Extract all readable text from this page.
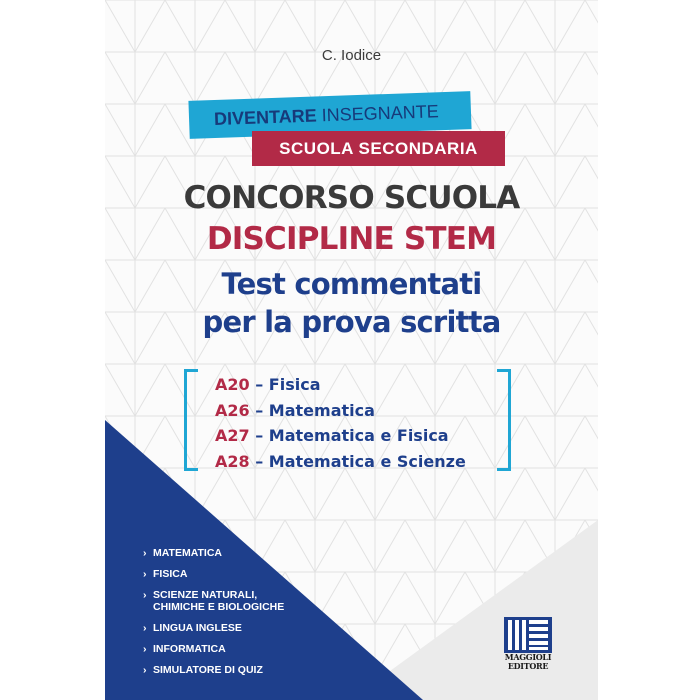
C. Iodice
DIVENTARE INSEGNANTE
SCUOLA SECONDARIA
CONCORSO SCUOLA
DISCIPLINE STEM
Test commentati
per la prova scritta
A20 – Fisica
A26 – Matematica
A27 – Matematica e Fisica
A28 – Matematica e Scienze
› MATEMATICA
› FISICA
› SCIENZE NATURALI,
CHIMICHE E BIOLOGICHE
› LINGUA INGLESE
› INFORMATICA
› SIMULATORE DI QUIZ
MAGGIOLI
EDITORE
